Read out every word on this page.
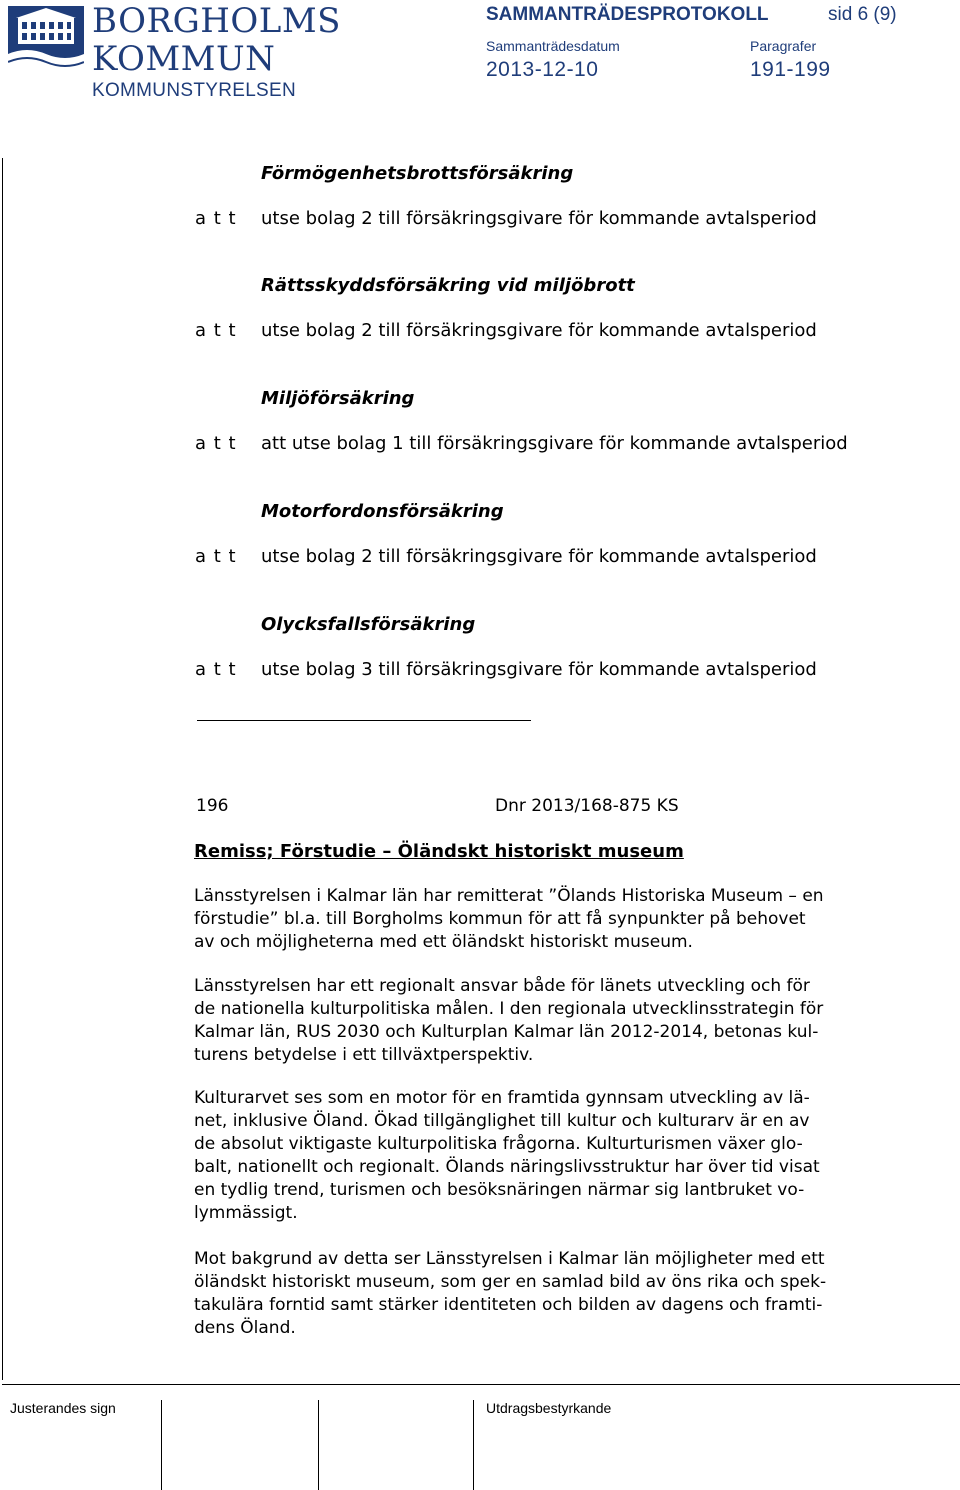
BORGHOLMS
KOMMUN
KOMMUNSTYRELSEN
SAMMANTRÄDESPROTOKOLL	sid 6 (9)
Sammanträdesdatum	Paragrafer
2013-12-10	191-199
Förmögenhetsbrottsförsäkring
a t t utse bolag 2 till försäkringsgivare för kommande avtalsperiod
Rättsskyddsförsäkring vid miljöbrott
a t t utse bolag 2 till försäkringsgivare för kommande avtalsperiod
Miljöförsäkring
a t t att utse bolag 1 till försäkringsgivare för kommande avtalsperiod
Motorfordonsförsäkring
a t t utse bolag 2 till försäkringsgivare för kommande avtalsperiod
Olycksfallsförsäkring
a t t utse bolag 3 till försäkringsgivare för kommande avtalsperiod
196	Dnr 2013/168-875 KS
Remiss; Förstudie – Öländskt historiskt museum
Länsstyrelsen i Kalmar län har remitterat ”Ölands Historiska Museum – en
förstudie” bl.a. till Borgholms kommun för att få synpunkter på behovet
av och möjligheterna med ett öländskt historiskt museum.
Länsstyrelsen har ett regionalt ansvar både för länets utveckling och för
de nationella kulturpolitiska målen. I den regionala utvecklinsstrategin för
Kalmar län, RUS 2030 och Kulturplan Kalmar län 2012-2014, betonas kul-
turens betydelse i ett tillväxtperspektiv.
Kulturarvet ses som en motor för en framtida gynnsam utveckling av lä-
net, inklusive Öland. Ökad tillgänglighet till kultur och kulturarv är en av
de absolut viktigaste kulturpolitiska frågorna. Kulturturismen växer glo-
balt, nationellt och regionalt. Ölands näringslivsstruktur har över tid visat
en tydlig trend, turismen och besöksnäringen närmar sig lantbruket vo-
lymmässigt.
Mot bakgrund av detta ser Länsstyrelsen i Kalmar län möjligheter med ett
öländskt historiskt museum, som ger en samlad bild av öns rika och spek-
takulära forntid samt stärker identiteten och bilden av dagens och framti-
dens Öland.
Justerandes sign	Utdragsbestyrkande
